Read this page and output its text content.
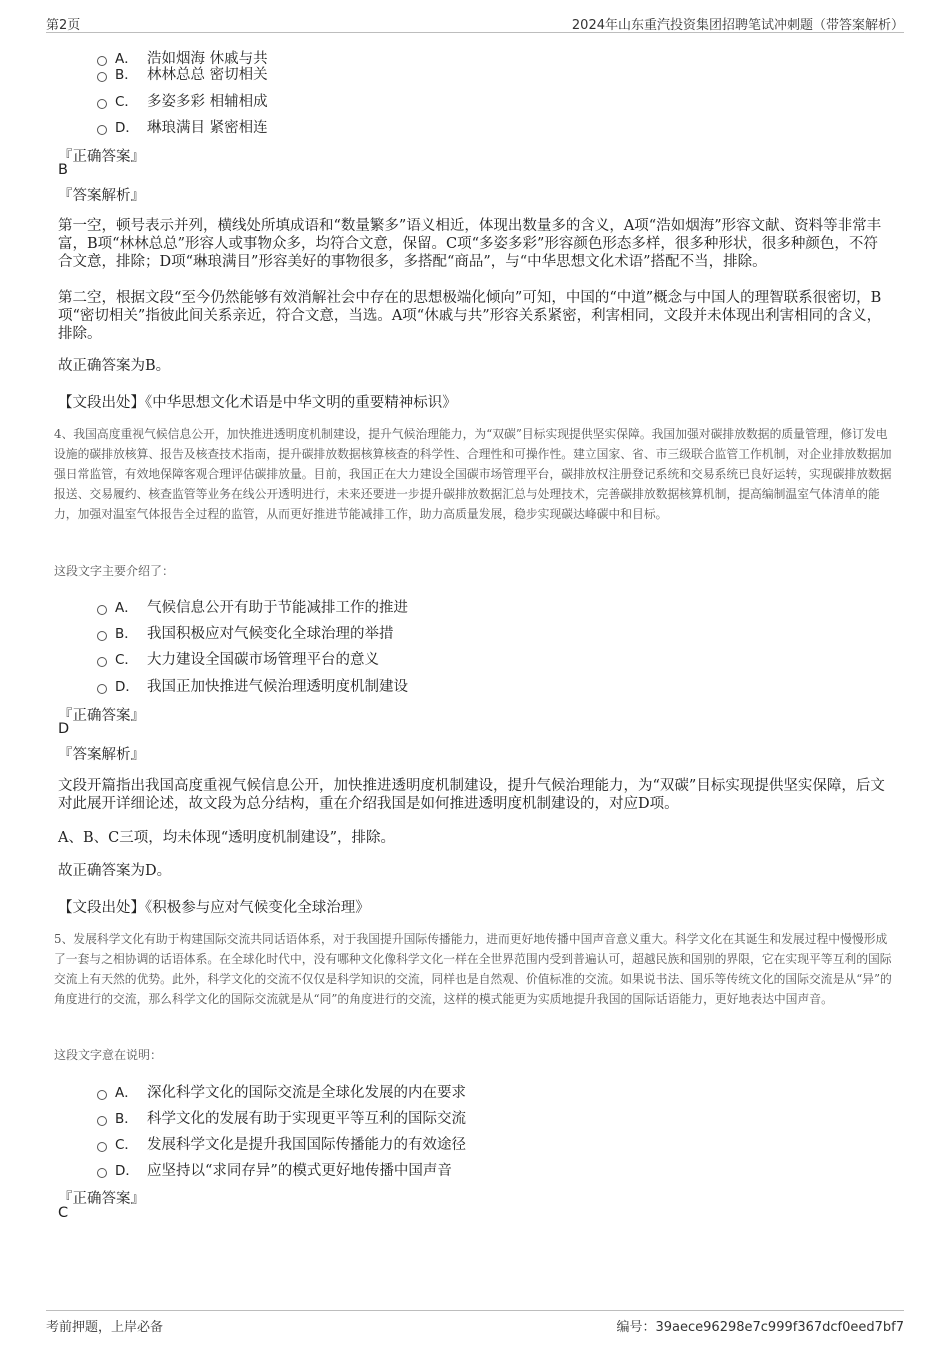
第2页	2024年山东重汽投资集团招聘笔试冲刺题（带答案解析）
A． 浩如烟海 休戚与共
B． 林林总总 密切相关
C． 多姿多彩 相辅相成
D． 琳琅满目 紧密相连
『正确答案』
B
『答案解析』
第一空，顿号表示并列，横线处所填成语和“数量繁多”语义相近，体现出数量多的含义，A项“浩如烟海”形容文献、资料等非常丰富，B项“林林总总”形容人或事物众多，均符合文意，保留。C项“多姿多彩”形容颜色形态多样，很多种形状，很多种颜色，不符合文意，排除；D项“琳琅满目”形容美好的事物很多，多搭配“商品”，与“中华思想文化术语”搭配不当，排除。
第二空，根据文段“至今仍然能够有效消解社会中存在的思想极端化倾向”可知，中国的“中道”概念与中国人的理智联系很密切，B项“密切相关”指彼此间关系亲近，符合文意，当选。A项“休戚与共”形容关系紧密，利害相同，文段并未体现出利害相同的含义，排除。
故正确答案为B。
【文段出处】《中华思想文化术语是中华文明的重要精神标识》
4、我国高度重视气候信息公开，加快推进透明度机制建设，提升气候治理能力，为“双碳”目标实现提供坚实保障。我国加强对碳排放数据的质量管理，修订发电设施的碳排放核算、报告及核查技术指南，提升碳排放数据核算核查的科学性、合理性和可操作性。建立国家、省、市三级联合监管工作机制，对企业排放数据加强日常监管，有效地保障客观合理评估碳排放量。目前，我国正在大力建设全国碳市场管理平台，碳排放权注册登记系统和交易系统已良好运转，实现碳排放数据报送、交易履约、核查监管等业务在线公开透明进行，未来还要进一步提升碳排放数据汇总与处理技术，完善碳排放数据核算机制，提高编制温室气体清单的能力，加强对温室气体报告全过程的监管，从而更好推进节能减排工作，助力高质量发展，稳步实现碳达峰碳中和目标。
这段文字主要介绍了：
A． 气候信息公开有助于节能减排工作的推进
B． 我国积极应对气候变化全球治理的举措
C． 大力建设全国碳市场管理平台的意义
D． 我国正加快推进气候治理透明度机制建设
『正确答案』
D
『答案解析』
文段开篇指出我国高度重视气候信息公开，加快推进透明度机制建设，提升气候治理能力，为“双碳”目标实现提供坚实保障，后文对此展开详细论述，故文段为总分结构，重在介绍我国是如何推进透明度机制建设的，对应D项。
A、B、C三项，均未体现“透明度机制建设”，排除。
故正确答案为D。
【文段出处】《积极参与应对气候变化全球治理》
5、发展科学文化有助于构建国际交流共同话语体系，对于我国提升国际传播能力，进而更好地传播中国声音意义重大。科学文化在其诞生和发展过程中慢慢形成了一套与之相协调的话语体系。在全球化时代中，没有哪种文化像科学文化一样在全世界范围内受到普遍认可，超越民族和国别的界限，它在实现平等互利的国际交流上有天然的优势。此外，科学文化的交流不仅仅是科学知识的交流，同样也是自然观、价值标准的交流。如果说书法、国乐等传统文化的国际交流是从“异”的角度进行的交流，那么科学文化的国际交流就是从“同”的角度进行的交流，这样的模式能更为实质地提升我国的国际话语能力，更好地表达中国声音。
这段文字意在说明：
A． 深化科学文化的国际交流是全球化发展的内在要求
B． 科学文化的发展有助于实现更平等互利的国际交流
C． 发展科学文化是提升我国国际传播能力的有效途径
D． 应坚持以“求同存异”的模式更好地传播中国声音
『正确答案』
C
考前押题，上岸必备	编号：39aece96298e7c999f367dcf0eed7bf7
